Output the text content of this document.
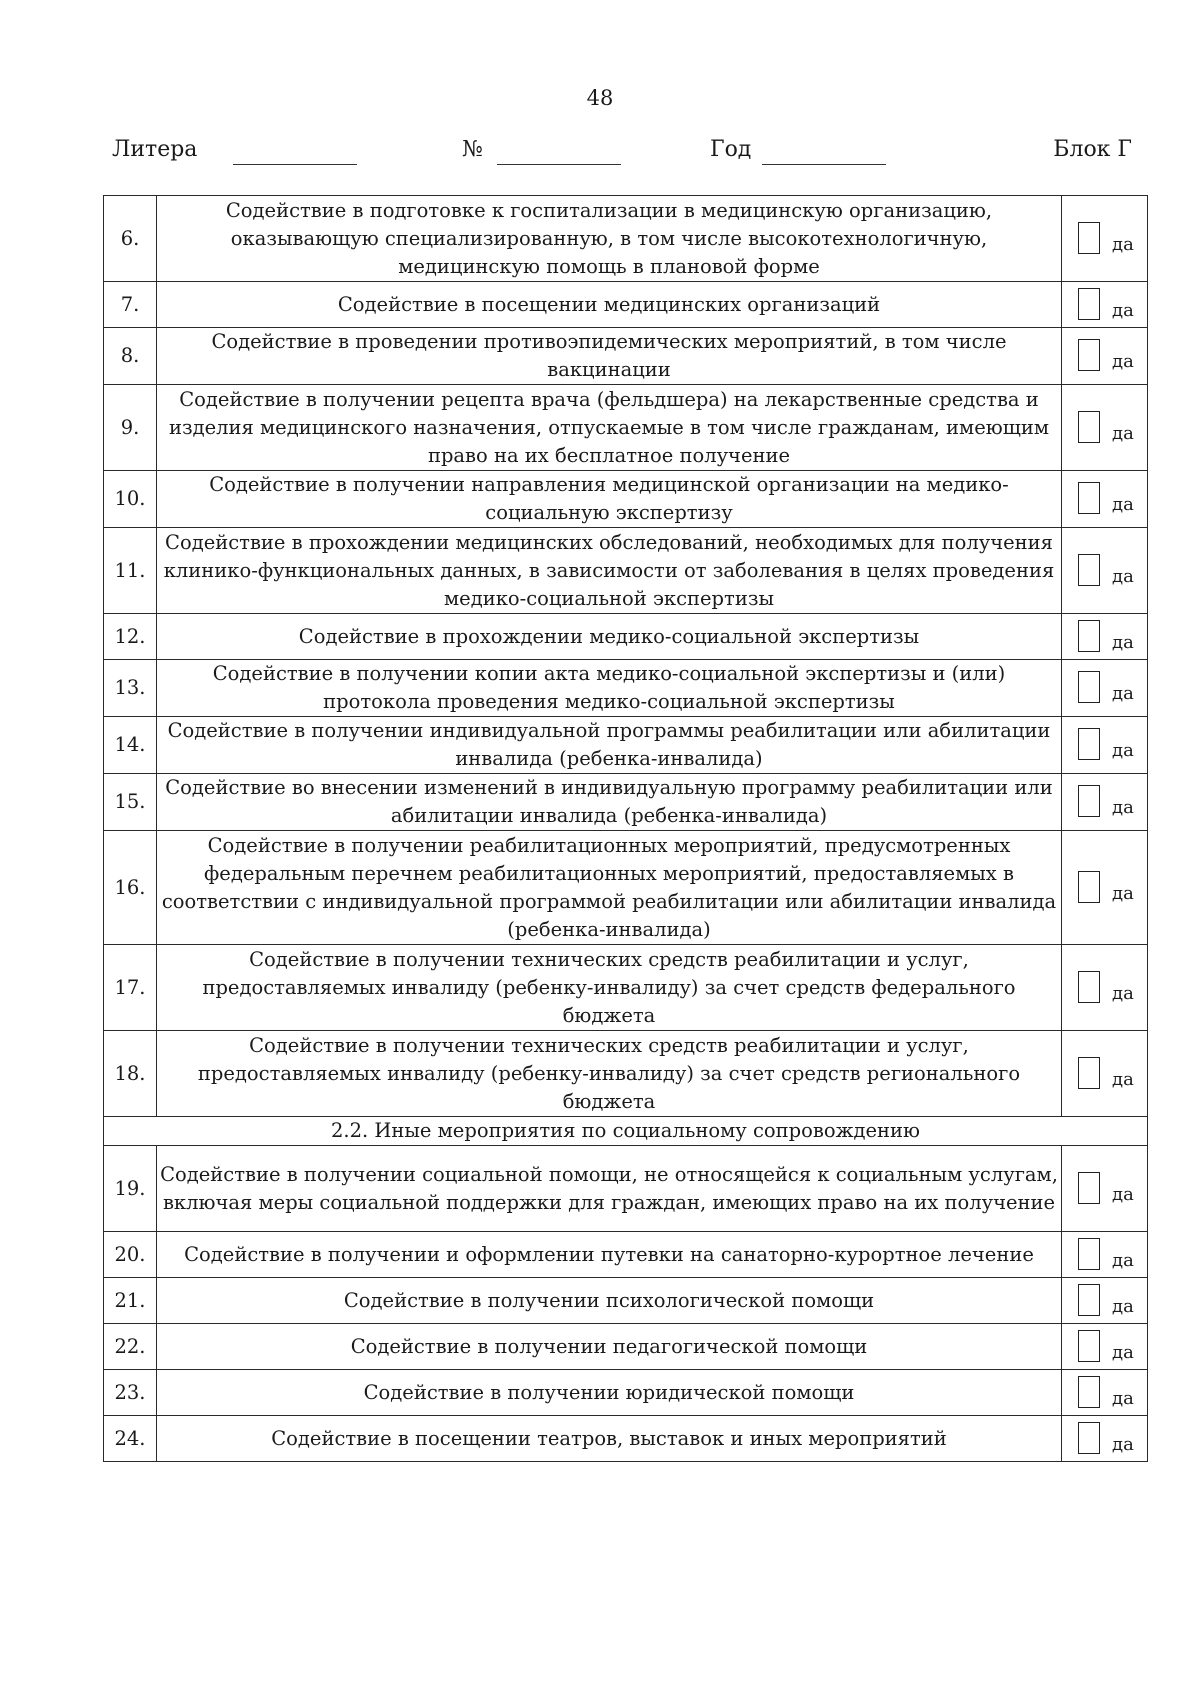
48
Литера	№	Год	Блок Г
6.	Содействие в подготовке к госпитализации в медицинскую организацию, оказывающую специализированную, в том числе высокотехнологичную, медицинскую помощь в плановой форме	да

7.	Содействие в посещении медицинских организаций	да

8.	Содействие в проведении противоэпидемических мероприятий, в том числе вакцинации	да

9.	Содействие в получении рецепта врача (фельдшера) на лекарственные средства и изделия медицинского назначения, отпускаемые в том числе гражданам, имеющим право на их бесплатное получение	да

10.	Содействие в получении направления медицинской организации на медико-социальную экспертизу	да

11.	Содействие в прохождении медицинских обследований, необходимых для получения клинико-функциональных данных, в зависимости от заболевания в целях проведения медико-социальной экспертизы	да

12.	Содействие в прохождении медико-социальной экспертизы	да

13.	Содействие в получении копии акта медико-социальной экспертизы и (или) протокола проведения медико-социальной экспертизы	да

14.	Содействие в получении индивидуальной программы реабилитации или абилитации инвалида (ребенка-инвалида)	да

15.	Содействие во внесении изменений в индивидуальную программу реабилитации или абилитации инвалида (ребенка-инвалида)	да

16.	Содействие в получении реабилитационных мероприятий, предусмотренных федеральным перечнем реабилитационных мероприятий, предоставляемых в соответствии с индивидуальной программой реабилитации или абилитации инвалида (ребенка-инвалида)	да

17.	Содействие в получении технических средств реабилитации и услуг, предоставляемых инвалиду (ребенку-инвалиду) за счет средств федерального бюджета	да

18.	Содействие в получении технических средств реабилитации и услуг, предоставляемых инвалиду (ребенку-инвалиду) за счет средств регионального бюджета	да

2.2. Иные мероприятия по социальному сопровождению		
19.	Содействие в получении социальной помощи, не относящейся к социальным услугам, включая меры социальной поддержки для граждан, имеющих право на их получение	да

20.	Содействие в получении и оформлении путевки на санаторно-курортное лечение	да

21.	Содействие в получении психологической помощи	да

22.	Содействие в получении педагогической помощи	да

23.	Содействие в получении юридической помощи	да

24.	Содействие в посещении театров, выставок и иных мероприятий	да
